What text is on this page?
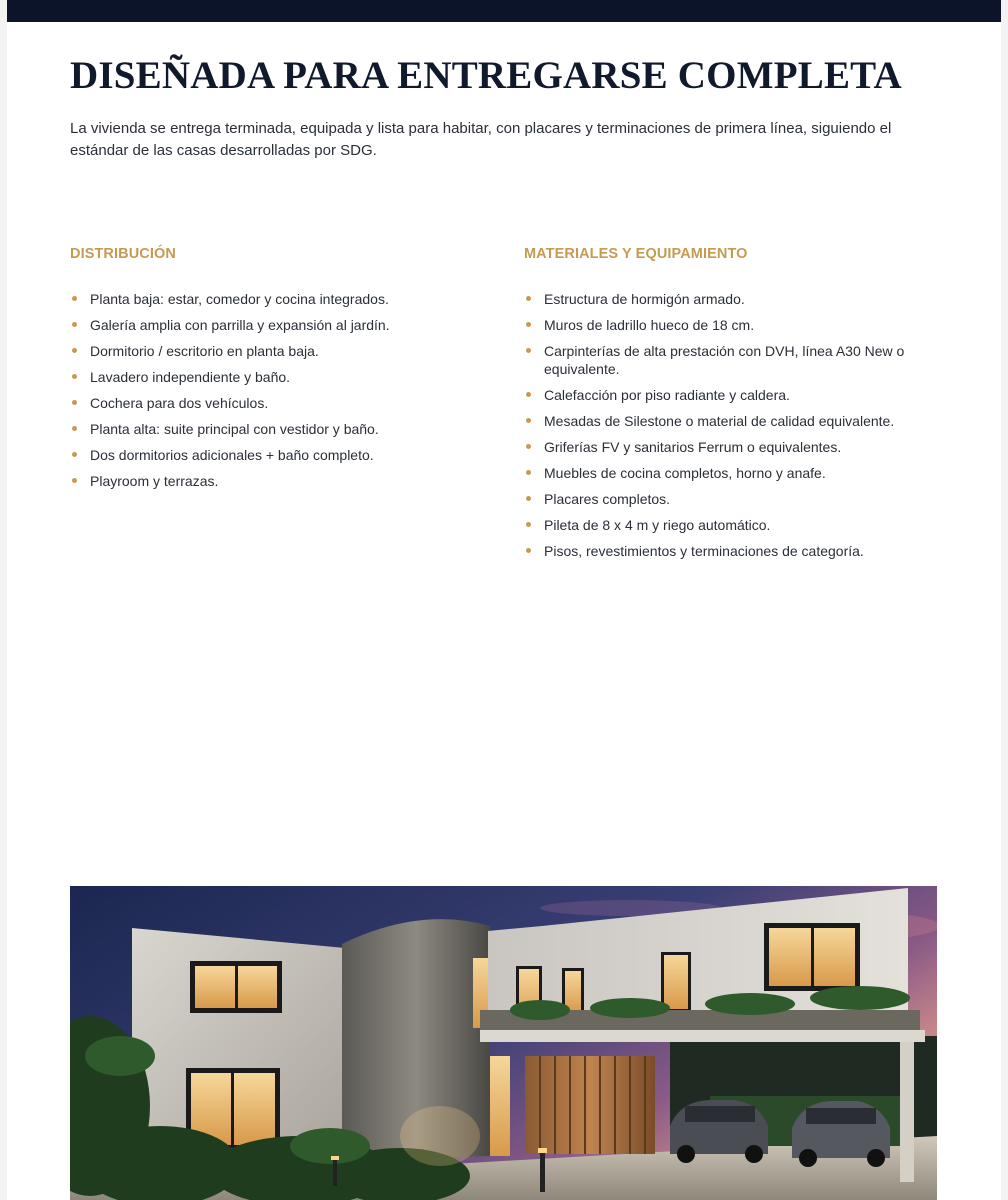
DISEÑADA PARA ENTREGARSE COMPLETA

La vivienda se entrega terminada, equipada y lista para habitar, con placares y terminaciones de primera línea, siguiendo el estándar de las casas desarrolladas por SDG.

DISTRIBUCIÓN
Planta baja: estar, comedor y cocina integrados.
Galería amplia con parrilla y expansión al jardín.
Dormitorio / escritorio en planta baja.
Lavadero independiente y baño.
Cochera para dos vehículos.
Planta alta: suite principal con vestidor y baño.
Dos dormitorios adicionales + baño completo.
Playroom y terrazas.
MATERIALES Y EQUIPAMIENTO
Estructura de hormigón armado.
Muros de ladrillo hueco de 18 cm.
Carpinterías de alta prestación con DVH, línea A30 New o equivalente.
Calefacción por piso radiante y caldera.
Mesadas de Silestone o material de calidad equivalente.
Griferías FV y sanitarios Ferrum o equivalentes.
Muebles de cocina completos, horno y anafe.
Placares completos.
Pileta de 8 x 4 m y riego automático.
Pisos, revestimientos y terminaciones de categoría.
